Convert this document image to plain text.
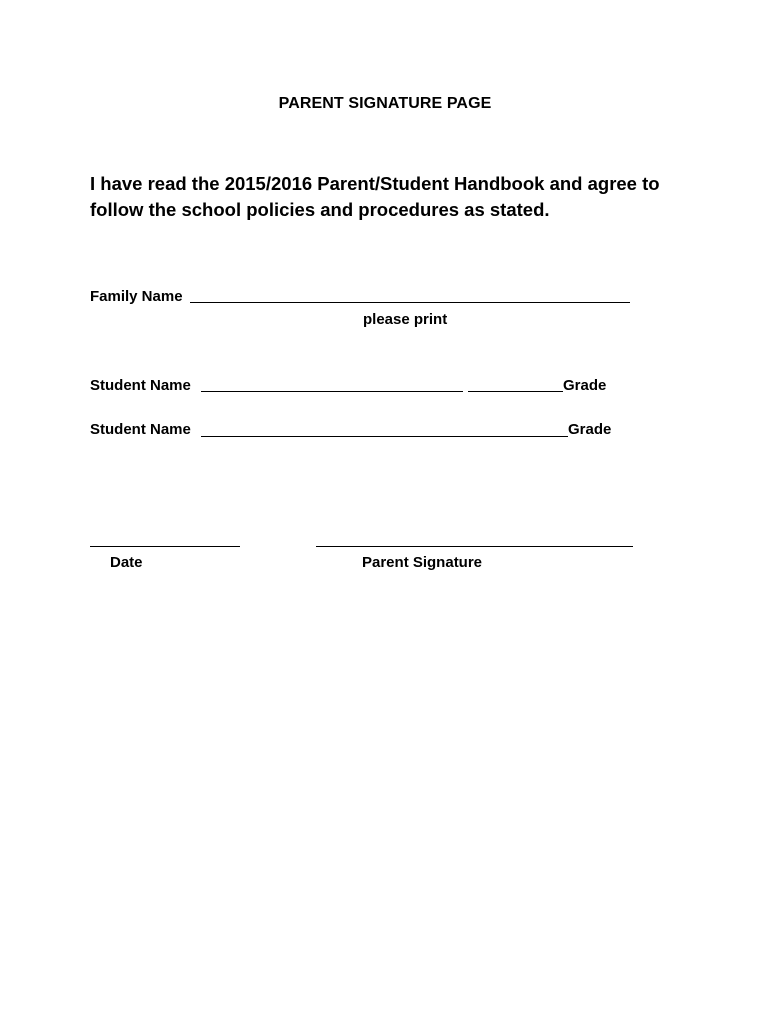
PARENT SIGNATURE PAGE
I have read the 2015/2016 Parent/Student Handbook and agree to follow the school policies and procedures as stated.
Family Name
please print
Student Name	Grade
Student Name	Grade
Date	Parent Signature
